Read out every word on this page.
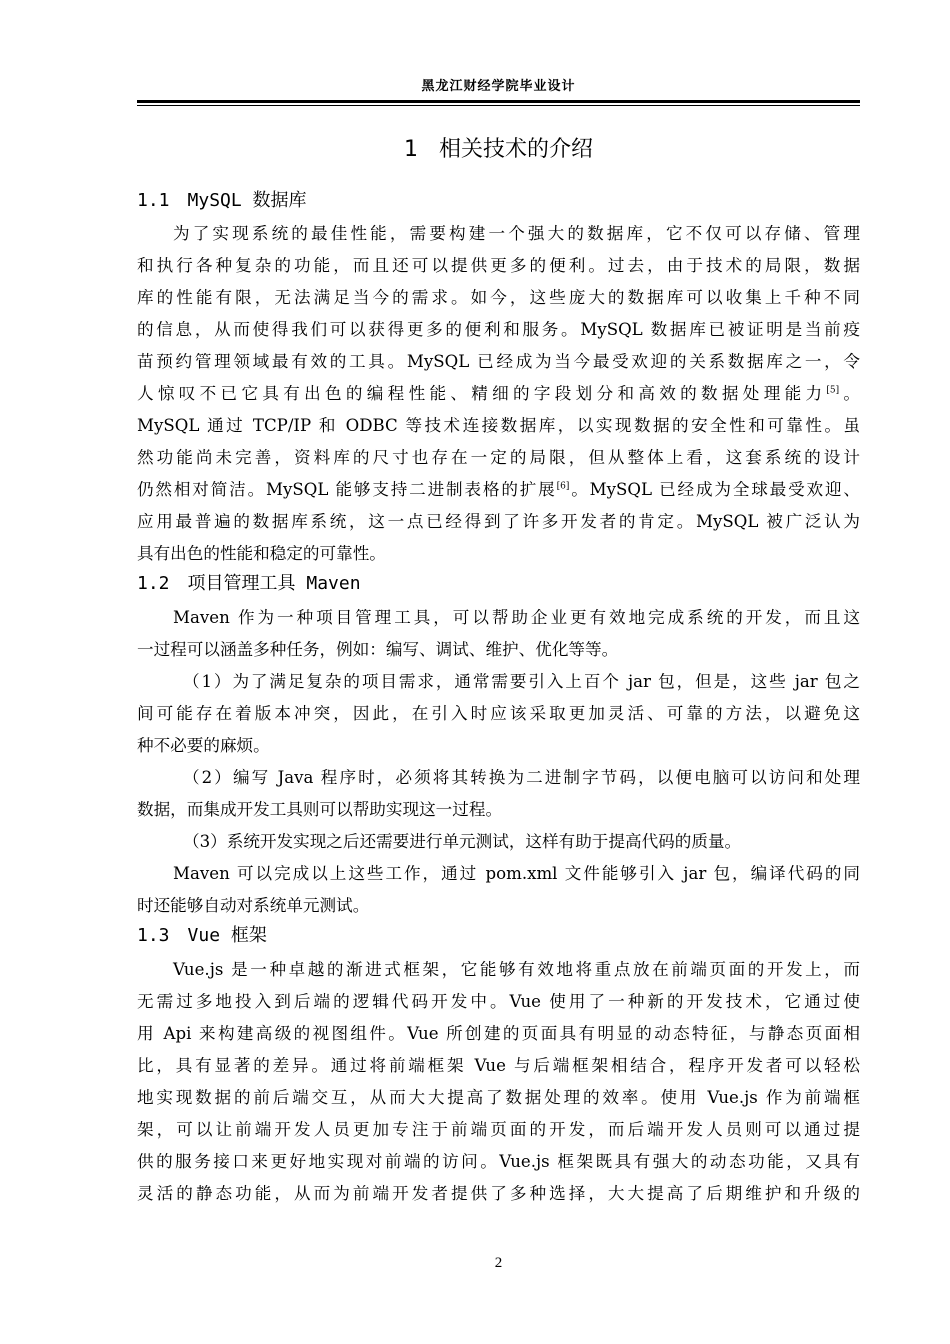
黑龙江财经学院毕业设计
1 相关技术的介绍
1.1 MySQL 数据库
为了实现系统的最佳性能，需要构建一个强大的数据库，它不仅可以存储、管理
和执行各种复杂的功能，而且还可以提供更多的便利。过去，由于技术的局限，数据
库的性能有限，无法满足当今的需求。如今，这些庞大的数据库可以收集上千种不同
的信息，从而使得我们可以获得更多的便利和服务。MySQL 数据库已被证明是当前疫
苗预约管理领域最有效的工具。MySQL 已经成为当今最受欢迎的关系数据库之一，令
人惊叹不已它具有出色的编程性能、精细的字段划分和高效的数据处理能力[5]。
MySQL 通过 TCP/IP 和 ODBC 等技术连接数据库，以实现数据的安全性和可靠性。虽
然功能尚未完善，资料库的尺寸也存在一定的局限，但从整体上看，这套系统的设计
仍然相对简洁。MySQL 能够支持二进制表格的扩展[6]。MySQL 已经成为全球最受欢迎、
应用最普遍的数据库系统，这一点已经得到了许多开发者的肯定。MySQL 被广泛认为
具有出色的性能和稳定的可靠性。
1.2 项目管理工具 Maven
Maven 作为一种项目管理工具，可以帮助企业更有效地完成系统的开发，而且这
一过程可以涵盖多种任务，例如：编写、调试、维护、优化等等。
（1）为了满足复杂的项目需求，通常需要引入上百个 jar 包，但是，这些 jar 包之
间可能存在着版本冲突，因此，在引入时应该采取更加灵活、可靠的方法，以避免这
种不必要的麻烦。
（2）编写 Java 程序时，必须将其转换为二进制字节码，以便电脑可以访问和处理
数据，而集成开发工具则可以帮助实现这一过程。
（3）系统开发实现之后还需要进行单元测试，这样有助于提高代码的质量。
Maven 可以完成以上这些工作，通过 pom.xml 文件能够引入 jar 包，编译代码的同
时还能够自动对系统单元测试。
1.3 Vue 框架
Vue.js 是一种卓越的渐进式框架，它能够有效地将重点放在前端页面的开发上，而
无需过多地投入到后端的逻辑代码开发中。Vue 使用了一种新的开发技术，它通过使
用 Api 来构建高级的视图组件。Vue 所创建的页面具有明显的动态特征，与静态页面相
比，具有显著的差异。通过将前端框架 Vue 与后端框架相结合，程序开发者可以轻松
地实现数据的前后端交互，从而大大提高了数据处理的效率。使用 Vue.js 作为前端框
架，可以让前端开发人员更加专注于前端页面的开发，而后端开发人员则可以通过提
供的服务接口来更好地实现对前端的访问。Vue.js 框架既具有强大的动态功能，又具有
灵活的静态功能，从而为前端开发者提供了多种选择，大大提高了后期维护和升级的
2
